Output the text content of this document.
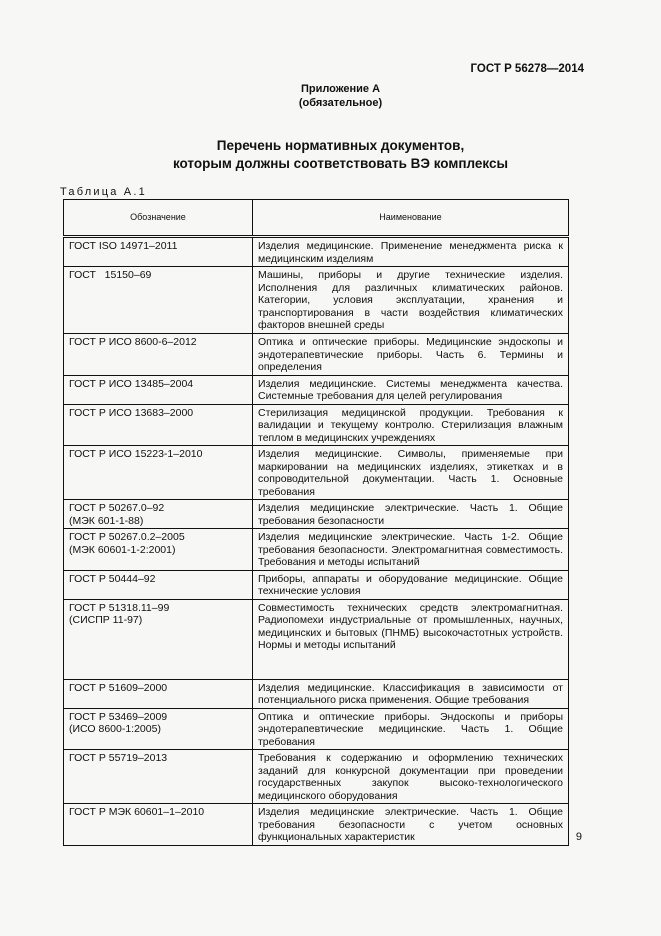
ГОСТ Р 56278—2014
Приложение А
(обязательное)
Перечень нормативных документов,
которым должны соответствовать ВЭ комплексы
Таблица А.1
Обозначение	Наименование

ГОСТ ISO 14971–2011	Изделия медицинские. Применение менеджмента риска к медицинским изделиям

ГОСТ   15150–69	Машины, приборы и другие технические изделия. Исполнения для различных климатических районов. Категории, условия эксплуатации, хранения и транспортирования в части воздействия климатических факторов внешней среды

ГОСТ Р ИСО 8600-6–2012	Оптика и оптические приборы. Медицинские эндоскопы и эндотерапевтические приборы. Часть 6. Термины и определения

ГОСТ Р ИСО 13485–2004	Изделия медицинские. Системы менеджмента качества. Системные требования для целей регулирования

ГОСТ Р ИСО 13683–2000	Стерилизация медицинской продукции. Требования к валидации и текущему контролю. Стерилизация влажным теплом в медицинских учреждениях

ГОСТ Р ИСО 15223-1–2010	Изделия медицинские. Символы, применяемые при маркировании на медицинских изделиях, этикетках и в сопроводительной документации. Часть 1. Основные требования

ГОСТ Р 50267.0–92
(МЭК 601-1-88)	Изделия медицинские электрические. Часть 1. Общие требования безопасности

ГОСТ Р 50267.0.2–2005
(МЭК 60601-1-2:2001)	Изделия медицинские электрические. Часть 1-2. Общие требования безопасности. Электромагнитная совместимость. Требования и методы испытаний

ГОСТ Р 50444–92	Приборы, аппараты и оборудование медицинские. Общие технические условия

ГОСТ Р 51318.11–99
(СИСПР 11-97)	Совместимость технических средств электромагнитная. Радиопомехи индустриальные от промышленных, научных, медицинских и бытовых (ПНМБ) высокочастотных устройств. Нормы и методы испытаний

ГОСТ Р 51609–2000	Изделия медицинские. Классификация в зависимости от потенциального риска применения. Общие требования

ГОСТ Р 53469–2009
(ИСО 8600-1:2005)	Оптика и оптические приборы. Эндоскопы и приборы эндотерапевтические медицинские. Часть 1. Общие требования

ГОСТ Р 55719–2013	Требования к содержанию и оформлению технических заданий для конкурсной документации при проведении государственных закупок высоко-технологического медицинского оборудования

ГОСТ Р МЭК 60601–1–2010	Изделия медицинские электрические. Часть 1. Общие требования безопасности с учетом основных функциональных характеристик	9
